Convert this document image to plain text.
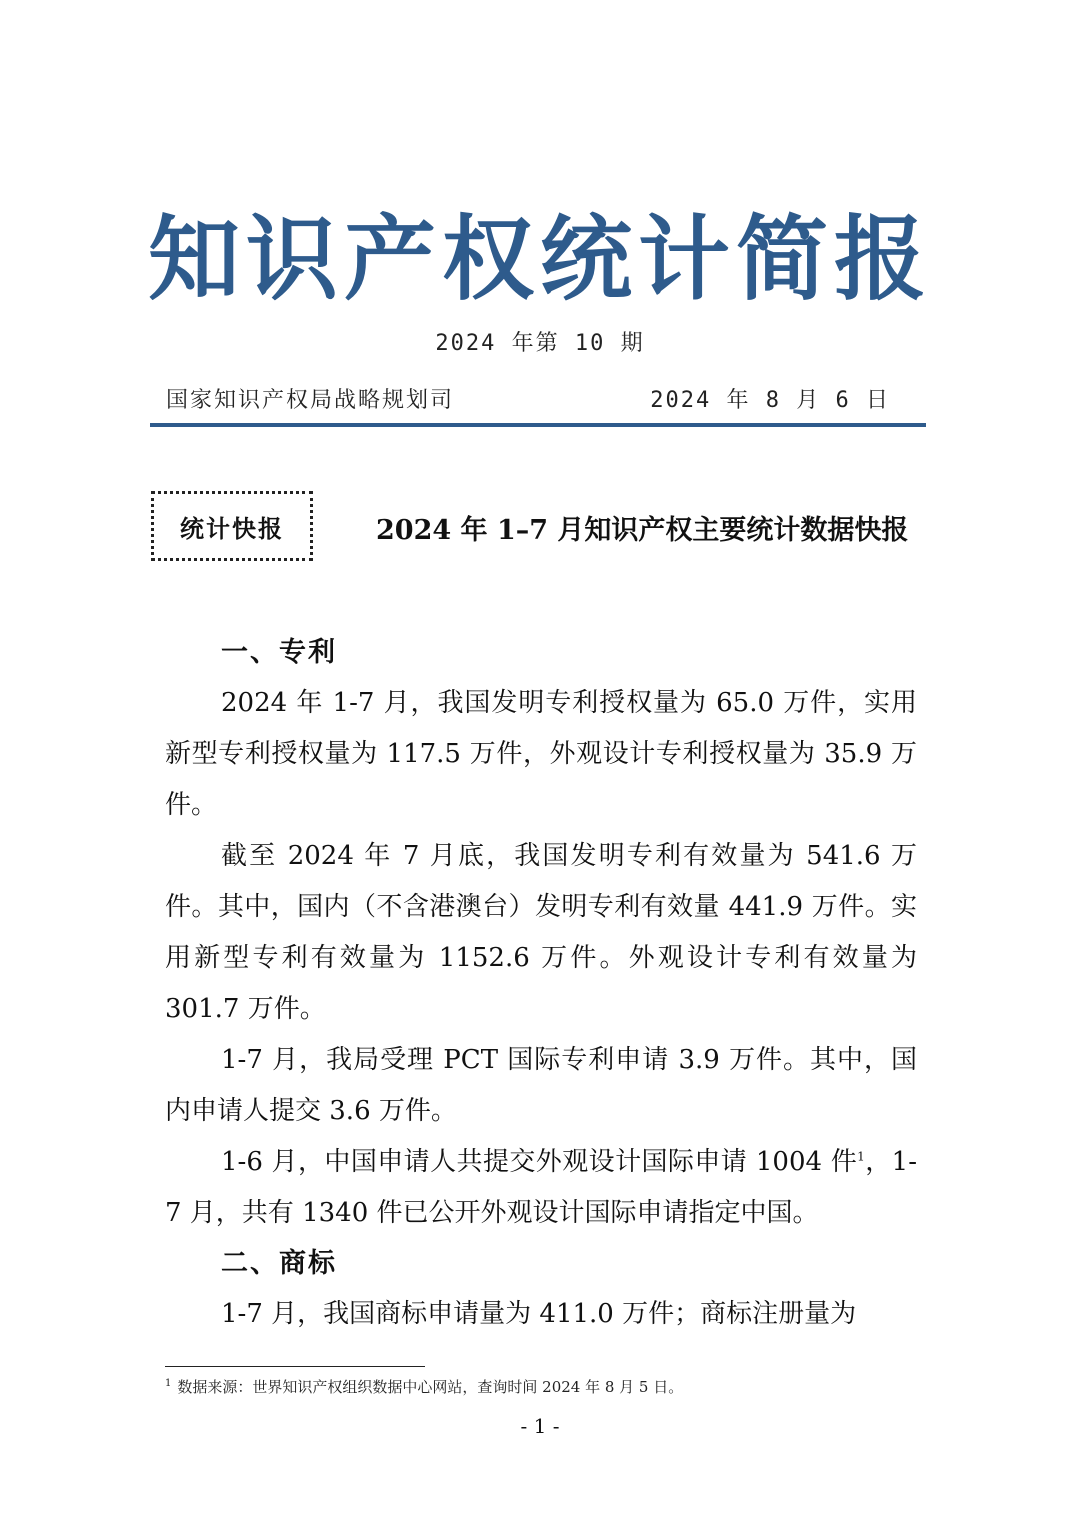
知识产权统计简报
2024 年第 10 期
国家知识产权局战略规划司	2024 年 8 月 6 日
统计快报	2024 年 1–7 月知识产权主要统计数据快报
一、专利

2024 年 1-7 月，我国发明专利授权量为 65.0 万件，实用新型专利授权量为 117.5 万件，外观设计专利授权量为 35.9 万件。

截至 2024 年 7 月底，我国发明专利有效量为 541.6 万件。其中，国内（不含港澳台）发明专利有效量 441.9 万件。实用新型专利有效量为 1152.6 万件。外观设计专利有效量为 301.7 万件。

1-7 月，我局受理 PCT 国际专利申请 3.9 万件。其中，国内申请人提交 3.6 万件。

1-6 月，中国申请人共提交外观设计国际申请 1004 件$^1$，1-7 月，共有 1340 件已公开外观设计国际申请指定中国。

二、商标

1-7 月，我国商标申请量为 411.0 万件；商标注册量为

$^1$ 数据来源：世界知识产权组织数据中心网站，查询时间 2024 年 8 月 5 日。
- 1 -
